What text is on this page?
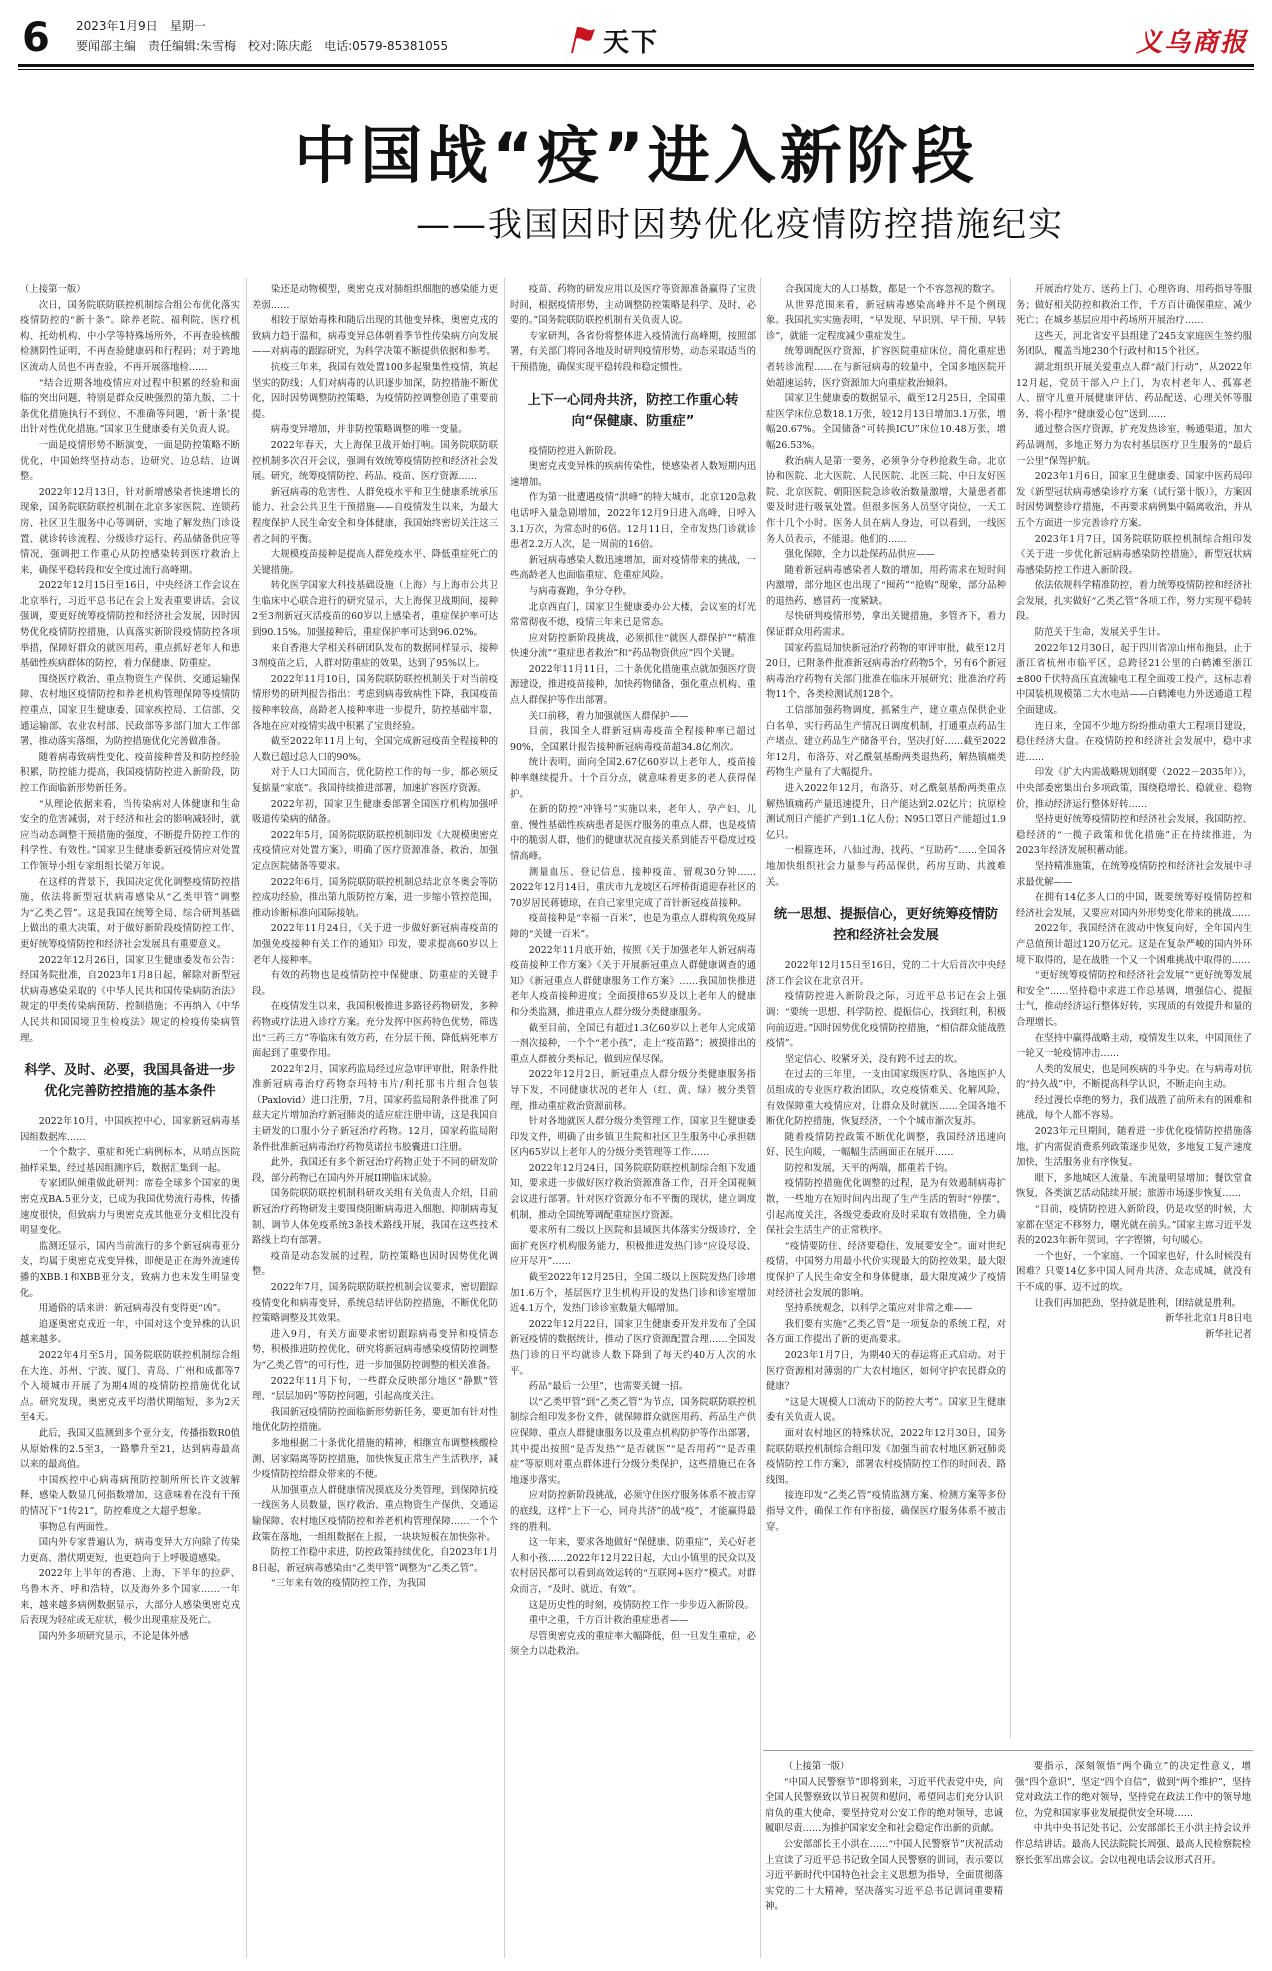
6 2023年1月9日　星期一
要闻部主编　责任编辑:朱雪梅　校对:陈庆彪　电话:0579-85381055	天下	义乌商报
中国战“疫”进入新阶段
——我国因时因势优化疫情防控措施纪实

（上接第一版）

次日，国务院联防联控机制综合组公布优化落实疫情防控的“新十条”。除养老院、福利院、医疗机构、托幼机构、中小学等特殊场所外，不再查验核酸检测阴性证明，不再查验健康码和行程码；对于跨地区流动人员也不再查验，不再开展落地检……

“结合近期各地疫情应对过程中积累的经验和面临的突出问题，特别是群众反映强烈的第九版、二十条优化措施执行不到位、不准确等问题，‘新十条’提出针对性优化措施。”国家卫生健康委有关负责人说。

一面是疫情形势不断演变，一面是防控策略不断优化，中国始终坚持动态、边研究、边总结、边调整。

2022年12月13日，针对新增感染者快速增长的现象，国务院联防联控机制在北京多家医院、连锁药房、社区卫生服务中心等调研，实地了解发热门诊设置、就诊转诊流程、分级诊疗运行、药品储备供应等情况，强调把工作重心从防控感染转到医疗救治上来，确保平稳转段和安全度过流行高峰期。

2022年12月15日至16日，中央经济工作会议在北京举行，习近平总书记在会上发表重要讲话。会议强调，要更好统筹疫情防控和经济社会发展，因时因势优化疫情防控措施，认真落实新阶段疫情防控各项举措，保障好群众的就医用药，重点抓好老年人和患基础性疾病群体的防控，着力保健康、防重症。

围绕医疗救治、重点物资生产保供、交通运输保障、农村地区疫情防控和养老机构管理保障等疫情防控重点，国家卫生健康委、国家疾控局、工信部、交通运输部、农业农村部、民政部等多部门加大工作部署，推动落实落细，为防控措施优化完善做准备。

随着病毒致病性变化、疫苗接种普及和防控经验积累，防控能力提高，我国疫情防控进入新阶段，防控工作面临新形势新任务。

“从理论依据来看，当传染病对人体健康和生命安全的危害减弱，对于经济和社会的影响减轻时，就应当动态调整干预措施的强度，不断提升防控工作的科学性、有效性。”国家卫生健康委新冠疫情应对处置工作领导小组专家组组长梁万年说。

在这样的背景下，我国决定优化调整疫情防控措施，依法将新型冠状病毒感染从“乙类甲管”调整为“乙类乙管”。这是我国在统筹全局、综合研判基础上做出的重大决策，对于做好新阶段疫情防控工作、更好统筹疫情防控和经济社会发展具有重要意义。

2022年12月26日，国家卫生健康委发布公告：经国务院批准，自2023年1月8日起，解除对新型冠状病毒感染采取的《中华人民共和国传染病防治法》规定的甲类传染病预防、控制措施；不再纳入《中华人民共和国国境卫生检疫法》规定的检疫传染病管理。

科学、及时、必要，我国具备进一步优化完善防控措施的基本条件

2022年10月，中国疾控中心，国家新冠病毒基因组数据库……

一个个数字、重症和死亡病例标本，从哨点医院抽样采集，经过基因组测序后，数据汇集到一起。

专家团队倾重做此研判：席卷全球多个国家的奥密克戎BA.5亚分支，已成为我国优势流行毒株，传播速度很快，但致病力与奥密克戎其他亚分支相比没有明显变化。

监测还显示，国内当前流行的多个新冠病毒亚分支，均属于奥密克戎变异株，即便是正在海外流速传播的XBB.1和XBB亚分支，致病力也未发生明显变化。

用通俗的话来讲：新冠病毒没有变得更“凶”。

追逐奥密克戎近一年，中国对这个变异株的认识越来越多。

2022年4月至5月，国务院联防联控机制综合组在大连、苏州、宁波、厦门、青岛、广州和成都等7个入境城市开展了为期4周的疫情防控措施优化试点。研究发现，奥密克戎平均潜伏期缩短，多为2天至4天。

此后，我国又监测到多个亚分支，传播指数R0值从原始株的2.5至3，一路攀升至21，达到病毒最高以来的最高值。

中国疾控中心病毒病预防控制所所长许文波解释，感染人数显几何指数增加，这意味着在没有干预的情况下“1传21”，防控难度之大超乎想象。

事物总有两面性。

国内外专家普遍认为，病毒变异大方向除了传染力更高、潜伏期更短，也更趋向于上呼吸道感染。

2022年上半年的香港、上海，下半年的拉萨、乌鲁木齐、呼和浩特，以及海外多个国家……一年来，越来越多病例数据显示，大部分人感染奥密克戎后表现为轻症或无症状，极少出现重症及死亡。

国内外多项研究显示，不论是体外感

染还是动物模型，奥密克戎对肺组织细胞的感染能力更差弱……

相较于原始毒株和随后出现的其他变异株，奥密克戎的致病力趋于温和，病毒变异总体朝着季节性传染病方向发展——对病毒的跟踪研究，为科学决策不断提供依据和参考。

抗疫三年来，我国有效处置100多起聚集性疫情，筑起坚实的防线；人们对病毒的认识逐步加深，防控措施不断优化，因时因势调整防控策略，为疫情防控调整创造了重要前提。

病毒变异增加，并非防控策略调整的唯一变量。

2022年春天，大上海保卫战开始打响。国务院联防联控机制多次召开会议，强调有效统筹疫情防控和经济社会发展。研究，统筹疫情防控、药品、疫苗、医疗资源……

新冠病毒的危害性、人群免疫水平和卫生健康系统承压能力、社会公共卫生干预措施——自疫情发生以来，为最大程度保护人民生命安全和身体健康，我国始终密切关注这三者之间的平衡。

大规模疫苗接种是提高人群免疫水平、降低重症死亡的关键措施。

转化医学国家大科技基础设施（上海）与上海市公共卫生临床中心联合进行的研究显示，大上海保卫战期间，接种2至3剂新冠灭活疫苗的60岁以上感染者，重症保护率可达到90.15%。加强接种后，重症保护率可达到96.02%。

来自香港大学相关科研团队发布的数据同样显示，接种3剂疫苗之后，人群对防重症的效果，达到了95%以上。

2022年11月10日，国务院联防联控机制关于对当前疫情形势的研判报告指出：考虑到病毒致病性下降，我国疫苗接种率较高，高龄老人接种率进一步提升，防控基础牢靠，各地在应对疫情实战中积累了宝贵经验。

截至2022年11月上旬，全国完成新冠疫苗全程接种的人数已超过总人口的90%。

对于人口大国而言，优化防控工作的每一步，都必须反复掂量“家底”。我国持续推进部署，加速扩容医疗资源。

2022年初，国家卫生健康委部署全国医疗机构加强呼吸道传染病的储备。

2022年5月，国务院联防联控机制印发《大规模奥密克戎疫情应对处置方案》，明确了医疗资源准备、救治、加强定点医院储备等要求。

2022年6月，国务院联防联控机制总结北京冬奥会等防控成功经验，推出第九版防控方案，进一步缩小管控范围，推动诊断标准向国际接轨。

2022年11月24日，《关于进一步做好新冠病毒疫苗的加强免疫接种有关工作的通知》印发，要求提高60岁以上老年人接种率。

有效的药物也是疫情防控中保健康、防重症的关键手段。

在疫情发生以来，我国积极推进多路径药物研发，多种药物或疗法进入诊疗方案。充分发挥中医药特色优势，筛选出“三药三方”等临床有效方药，在分层干预、降低病死率方面起到了重要作用。

2022年2月，国家药监局经过应急审评审批，附条件批准新冠病毒治疗药物奈玛特韦片/利托那韦片组合包装（Paxlovid）进口注册，7月，国家药监局附条件批准了阿兹夫定片增加治疗新冠肺炎的适应症注册申请，这是我国自主研发的口服小分子新冠治疗药物。12月，国家药监局附条件批准新冠病毒治疗药物莫诺拉韦胶囊进口注册。

此外，我国还有多个新冠治疗药物正处于不同的研发阶段，部分药物已在国内外开展II期临床试验。

国务院联防联控机制科研攻关组有关负责人介绍，目前新冠治疗药物研发主要围绕阻断病毒进入细胞、抑制病毒复制、调节人体免疫系统3条技术路线开展，我国在这些技术路线上均有部署。

疫苗是动态发展的过程，防控策略也因时因势优化调整。

2022年7月，国务院联防联控机制会议要求，密切跟踪疫情变化和病毒变异，系统总结评估防控措施，不断优化防控策略调整及其效果。

进入9月，有关方面要求密切跟踪病毒变异和疫情态势，积极推进防控优化，研究将新冠病毒感染疫情防控调整为“乙类乙管”的可行性，进一步加强防控调整的相关准备。

2022年11月下旬，一些群众反映部分地区“静默”管理、“层层加码”等防控问题，引起高度关注。

我国新冠疫情防控面临新形势新任务，要更加有针对性地优化防控措施。

多地根据二十条优化措施的精神，相继宣布调整核酸检测、居家隔离等防控措施，加快恢复正常生产生活秩序，减少疫情防控给群众带来的不便。

从加强重点人群健康情况摸底及分类管理，到保障抗疫一线医务人员数量，医疗救治、重点物资生产保供、交通运输保障、农村地区疫情防控和养老机构管理保障……一个个政策在落地，一组组数据在上报，一块块短板在加快弥补。

防控工作稳中求进，防控政策持续优化，自2023年1月8日起，新冠病毒感染由“乙类甲管”调整为“乙类乙管”。

“三年来有效的疫情防控工作，为我国

疫苗、药物的研发应用以及医疗等资源准备赢得了宝贵时间，根据疫情形势，主动调整防控策略是科学、及时、必要的。”国务院联防联控机制有关负责人说。

专家研判，各省份将整体进入疫情流行高峰期，按照部署，有关部门将同各地及时研判疫情形势，动态采取适当的干预措施，确保实现平稳转段和稳定惯性。

上下一心同舟共济，防控工作重心转向“保健康、防重症”

疫情防控进入新阶段。

奥密克戎变异株的疾病传染性，使感染者人数短期内迅速增加。

作为第一批遭遇疫情“洪峰”的特大城市，北京120急救电话呼入量急剧增加，2022年12月9日进入高峰，日呼入3.1万次，为常态时的6倍。12月11日，全市发热门诊就诊患者2.2万人次，是一周前的16倍。

新冠病毒感染人数迅速增加，面对疫情带来的挑战，一些高龄老人也面临重症、危重症风险。

与病毒赛跑，争分夺秒。

北京西直门，国家卫生健康委办公大楼，会议室的灯光常常彻夜不熄，疫情三年来已是常态。

应对防控新阶段挑战，必须抓住“就医人群保护”“精准快速分流”“重症患者救治”和“药品物资供应”四个关键。

2022年11月11日，二十条优化措施重点就加强医疗资源建设，推进疫苗接种，加快药物储备，强化重点机构、重点人群保护等作出部署。

关口前移，着力加强就医人群保护——

目前，我国全人群新冠病毒疫苗全程接种率已超过90%，全国累计报告接种新冠病毒疫苗超34.8亿剂次。

统计表明，面向全国2.67亿60岁以上老年人，疫苗接种率继续提升。十个百分点，就意味着更多的老人获得保护。

在新的防控“冲锋号”实施以来，老年人、孕产妇、儿童、慢性基础性疾病患者是医疗服务的重点人群，也是疫情中的脆弱人群，他们的健康状况直接关系到能否平稳度过疫情高峰。

测量血压、登记信息、接种疫苗、留观30分钟……2022年12月14日，重庆市九龙坡区石坪桥街道迎春社区的70岁居民蒋德琼，在自己家里完成了首针新冠疫苗接种。

疫苗接种是“幸福一百米”，也是为重点人群构筑免疫屏障的“关键一百米”。

2022年11月底开始，按照《关于加强老年人新冠病毒疫苗接种工作方案》《关于开展新冠重点人群健康调查的通知》《新冠重点人群健康服务工作方案》……我国加快推进老年人疫苗接种进度；全面摸排65岁及以上老年人的健康和分类监测，推进重点人群分级分类健康服务。

截至目前，全国已有超过1.3亿60岁以上老年人完成第一剂次接种，一个个“老小孩”，走上“疫苗路”；被摸排出的重点人群被分类标记，做到应保尽保。

2022年12月2日，新冠重点人群分级分类健康服务指导下发，不同健康状况的老年人（红、黄、绿）被分类管理，推动重症救治资源前移。

针对各地就医人群分级分类管理工作，国家卫生健康委印发文件，明确了由乡镇卫生院和社区卫生服务中心承担辖区内65岁以上老年人的分级分类管理等工作……

2022年12月24日，国务院联防联控机制综合组下发通知，要求进一步做好医疗救治资源准备工作，召开全国视频会议进行部署。针对医疗资源分布不平衡的现状，建立调度机制，推动全国统筹调配重症医疗资源。

要求所有二级以上医院和县域医共体落实分级诊疗，全面扩充医疗机构服务能力，积极推进发热门诊“应设尽设、应开尽开”……

截至2022年12月25日，全国二级以上医院发热门诊增加1.6万个，基层医疗卫生机构开设的发热门诊和诊室增加近4.1万个，发热门诊诊室数量大幅增加。

2022年12月22日，国家卫生健康委开发并发布了全国新冠疫情的数据统计，推动了医疗资源配置合理……全国发热门诊的日平均就诊人数下降到了每天约40万人次的水平。

药品“最后一公里”，也需要关键一招。

以“乙类甲管”到“乙类乙管”为节点，国务院联防联控机制综合组印发多份文件，就保障群众就医用药、药品生产供应保障、重点人群健康服务以及重点机构防护等作出部署，其中提出按照“是否发热”“是否就医”“是否用药”“是否重症”等原则对重点群体进行分级分类保护，这些措施已在各地逐步落实。

应对防控新阶段挑战，必须守住医疗服务体系不被击穿的底线，这样“上下一心，同舟共济”的战“疫”，才能赢得最终的胜利。

这一年来，要求各地做好“保健康、防重症”，关心好老人和小孩……2022年12月22日起，大山小镇里的民众以及农村居民都可以看到高效运转的“互联网+医疗”模式。对群众而言，“及时、就近、有效”。

这是历史性的时刻，疫情防控工作一步步迈入新阶段。

重中之重，千方百计救治重症患者——

尽管奥密克戎的重症率大幅降低，但一旦发生重症，必须全力以赴救治。

合我国庞大的人口基数，都是一个不容忽视的数字。

从世界范围来看，新冠病毒感染高峰并不是个例现象。我国扎实实施表明，“早发现、早识别、早干预、早转诊”，就能一定程度减少重症发生。

统筹调配医疗资源，扩容医院重症床位，简化重症患者转诊流程……在与新冠病毒的较量中，全国多地医院开始超速运转，医疗资源加大向重症救治倾斜。

国家卫生健康委的数据显示，截至12月25日，全国重症医学床位总数18.1万张，较12月13日增加3.1万张，增幅20.67%。全国储备“可转换ICU”床位10.48万张，增幅26.53%。

救治病人是第一要务，必须争分夺秒抢救生命。北京协和医院、北大医院、人民医院、北医三院、中日友好医院、北京医院、朝阳医院急诊收治数量激增，大量患者都要及时进行吸氧处置。但很多医务人员坚守岗位，一天工作十几个小时。医务人员在病人身边，可以看到，一线医务人员表示，不能退。他们的……

强化保障，全力以赴保药品供应——

随着新冠病毒感染者人数的增加，用药需求在短时间内激增，部分地区也出现了“囤药”“抢购”现象，部分品种的退热药、感冒药一度紧缺。

尽快研判疫情形势，拿出关键措施，多管齐下，着力保证群众用药需求。

国家药监局加快新冠治疗药物的审评审批，截至12月20日，已附条件批准新冠病毒治疗药物5个，另有6个新冠病毒治疗药物有关部门批准在临床开展研究；批准治疗药物11个、各类检测试剂128个。

工信部加强药物调度，抓紧生产，建立重点保供企业白名单，实行药品生产情况日调度机制，打通重点药品生产堵点、建立药品生产储备平台，坚决打好……截至2022年12月，布洛芬、对乙酰氨基酚两类退热药，解热镇痛类药物生产量有了大幅提升。

进入2022年12月，布洛芬、对乙酰氨基酚两类重点解热镇痛药产量迅速提升，日产能达到2.02亿片；抗原检测试剂日产能扩产到1.1亿人份；N95口罩日产能超过1.9亿只。

一根箍连环，八仙过海，找药、“互助药”……全国各地加快组织社会力量参与药品保供，药房互助、共渡难关。

统一思想、提振信心，更好统筹疫情防控和经济社会发展

2022年12月15日至16日，党的二十大后首次中央经济工作会议在北京召开。

疫情防控进入新阶段之际，习近平总书记在会上强调：“要统一思想、科学防控、提振信心，找到红利，积极向前迈进。”因时因势优化疫情防控措施，“相信群众能战胜疫情”。

坚定信心、咬紧牙关，没有跨不过去的坎。

在过去的三年里，一支由国家级医疗队、各地医护人员组成的专业医疗救治团队，攻克疫情难关、化解风险，有效保障重大疫情应对，让群众及时就医……全国各地不断优化防控措施，恢复经济，一个个城市渐次复苏。

随着疫情防控政策不断优化调整，我国经济迅速向好、民生向暖，一幅幅生活画面正在展开……

防控和发展，天平的两端，都重若千钧。

疫情防控措施优化调整的过程，是为有效遏制病毒扩散，一些地方在短时间内出现了生产生活的暂时“停摆”，引起高度关注，各级党委政府及时采取有效措施，全力确保社会生活生产的正常秩序。

“疫情要防住、经济要稳住、发展要安全”。面对世纪疫情，中国努力用最小代价实现最大的防控效果，最大限度保护了人民生命安全和身体健康，最大限度减少了疫情对经济社会发展的影响。

坚持系统观念，以科学之策应对非常之难——

我们要有实施“乙类乙管”是一项复杂的系统工程，对各方面工作提出了新的更高要求。

2023年1月7日，为期40天的春运将正式启动。对于医疗资源相对薄弱的广大农村地区，如何守护农民群众的健康？

“这是大规模人口流动下的防控大考”。国家卫生健康委有关负责人说。

面对农村地区的特殊状况，2022年12月30日，国务院联防联控机制综合组印发《加强当前农村地区新冠肺炎疫情防控工作方案》，部署农村疫情防控工作的时间表、路线图。

接连印发“乙类乙管”疫情监测方案、检测方案等多份指导文件，确保工作有序衔接，确保医疗服务体系不被击穿。

开展治疗处方、送药上门、心理咨询、用药指导等服务；做好相关防控和救治工作，千方百计确保重症、减少死亡；在城乡基层应用中药场所开展治疗……

这些天，河北省安平县组建了245支家庭医生签约服务团队，覆盖当地230个行政村和15个社区。

湖北组织开展关爱重点人群“敲门行动”，从2022年12月起，党员干部入户上门，为农村老年人、孤寡老人、留守儿童开展健康评估、药品配送、心理关怀等服务，将小程序“健康爱心包”送到……

通过整合医疗资源，扩充发热诊室，畅通渠道，加大药品调剂，多地正努力为农村基层医疗卫生服务的“最后一公里”保驾护航。

2023年1月6日，国家卫生健康委、国家中医药局印发《新型冠状病毒感染诊疗方案（试行第十版）》，方案因时因势调整诊疗措施，不再要求病例集中隔离收治，并从五个方面进一步完善诊疗方案。

2023年1月7日，国务院联防联控机制综合组印发《关于进一步优化新冠病毒感染防控措施》，新型冠状病毒感染防控工作进入新阶段。

依法依规科学精准防控，着力统筹疫情防控和经济社会发展，扎实做好“乙类乙管”各项工作，努力实现平稳转段。

防范关于生命，发展关乎生计。

2022年12月30日，起于四川省凉山州布拖县，止于浙江省杭州市临平区，总跨径21公里的白鹤滩至浙江±800千伏特高压直流输电工程全面竣工投产，这标志着中国装机规模第二大水电站——白鹤滩电力外送通道工程全面建成。

连日来，全国不少地方纷纷推动重大工程项目建设，稳住经济大盘。在疫情防控和经济社会发展中，稳中求进……

印发《扩大内需战略规划纲要（2022－2035年）》，中央部委密集出台多项政策，围绕稳增长、稳就业、稳物价，推动经济运行整体好转……

坚持更好统筹疫情防控和经济社会发展，我国防控、稳经济的“一揽子政策和优化措施”正在持续推进，为2023年经济发展积蓄动能。

坚持精准施策，在统筹疫情防控和经济社会发展中寻求最优解——

在拥有14亿多人口的中国，既要统筹好疫情防控和经济社会发展，又要应对国内外形势变化带来的挑战……

2022年，我国经济在波动中恢复向好，全年国内生产总值预计超过120万亿元。这是在复杂严峻的国内外环境下取得的，是在战胜一个又一个困难挑战中取得的……

“更好统筹疫情防控和经济社会发展”“更好统筹发展和安全”……坚持稳中求进工作总基调，增强信心、提振士气，推动经济运行整体好转，实现质的有效提升和量的合理增长。

在坚持中赢得战略主动，疫情发生以来，中国顶住了一轮又一轮疫情冲击……

人类的发展史，也是同疾病的斗争史。在与病毒对抗的“持久战”中，不断提高科学认识，不断走向主动。

经过漫长卓绝的努力，我们战胜了前所未有的困难和挑战，每个人都不容易。

2023年元旦期间，随着进一步优化疫情防控措施落地，扩内需促消费系列政策逐步见效，多地复工复产速度加快，生活服务业有序恢复。

眼下，多地城区人流量、车流量明显增加；餐饮堂食恢复，各类演艺活动陆续开展；旅游市场逐步恢复……

“目前，疫情防控进入新阶段，仍是攻坚的时候，大家都在坚定不移努力，曙光就在前头。”国家主席习近平发表的2023年新年贺词，字字铿锵，句句暖心。

一个也好，一个家庭、一个国家也好，什么时候没有困难？只要14亿多中国人同舟共济、众志成城，就没有干不成的事、迈不过的坎。

让我们再加把劲，坚持就是胜利，团结就是胜利。

新华社北京1月8日电

新华社记者

（上接第一版）

“中国人民警察节”即将到来，习近平代表党中央，向全国人民警察致以节日祝贺和慰问，希望同志们充分认识肩负的重大使命，要坚持党对公安工作的绝对领导，忠诚履职尽责……为推护国家安全和社会稳定作出新的贡献。

公安部部长王小洪在……“中国人民警察节”庆祝活动上宣读了习近平总书记致全国人民警察的训词，表示要以习近平新时代中国特色社会主义思想为指导，全面贯彻落实党的二十大精神，坚决落实习近平总书记训词重要精神。

要指示，深刻领悟“两个确立”的决定性意义，增强“四个意识”，坚定“四个自信”，做到“两个维护”，坚持党对政法工作的绝对领导，坚持党在政法工作中的领导地位，为党和国家事业发展提供安全环境……

中共中央书记处书记、公安部部长王小洪主持会议并作总结讲话。最高人民法院院长周强、最高人民检察院检察长张军出席会议。会以电视电话会议形式召开。
